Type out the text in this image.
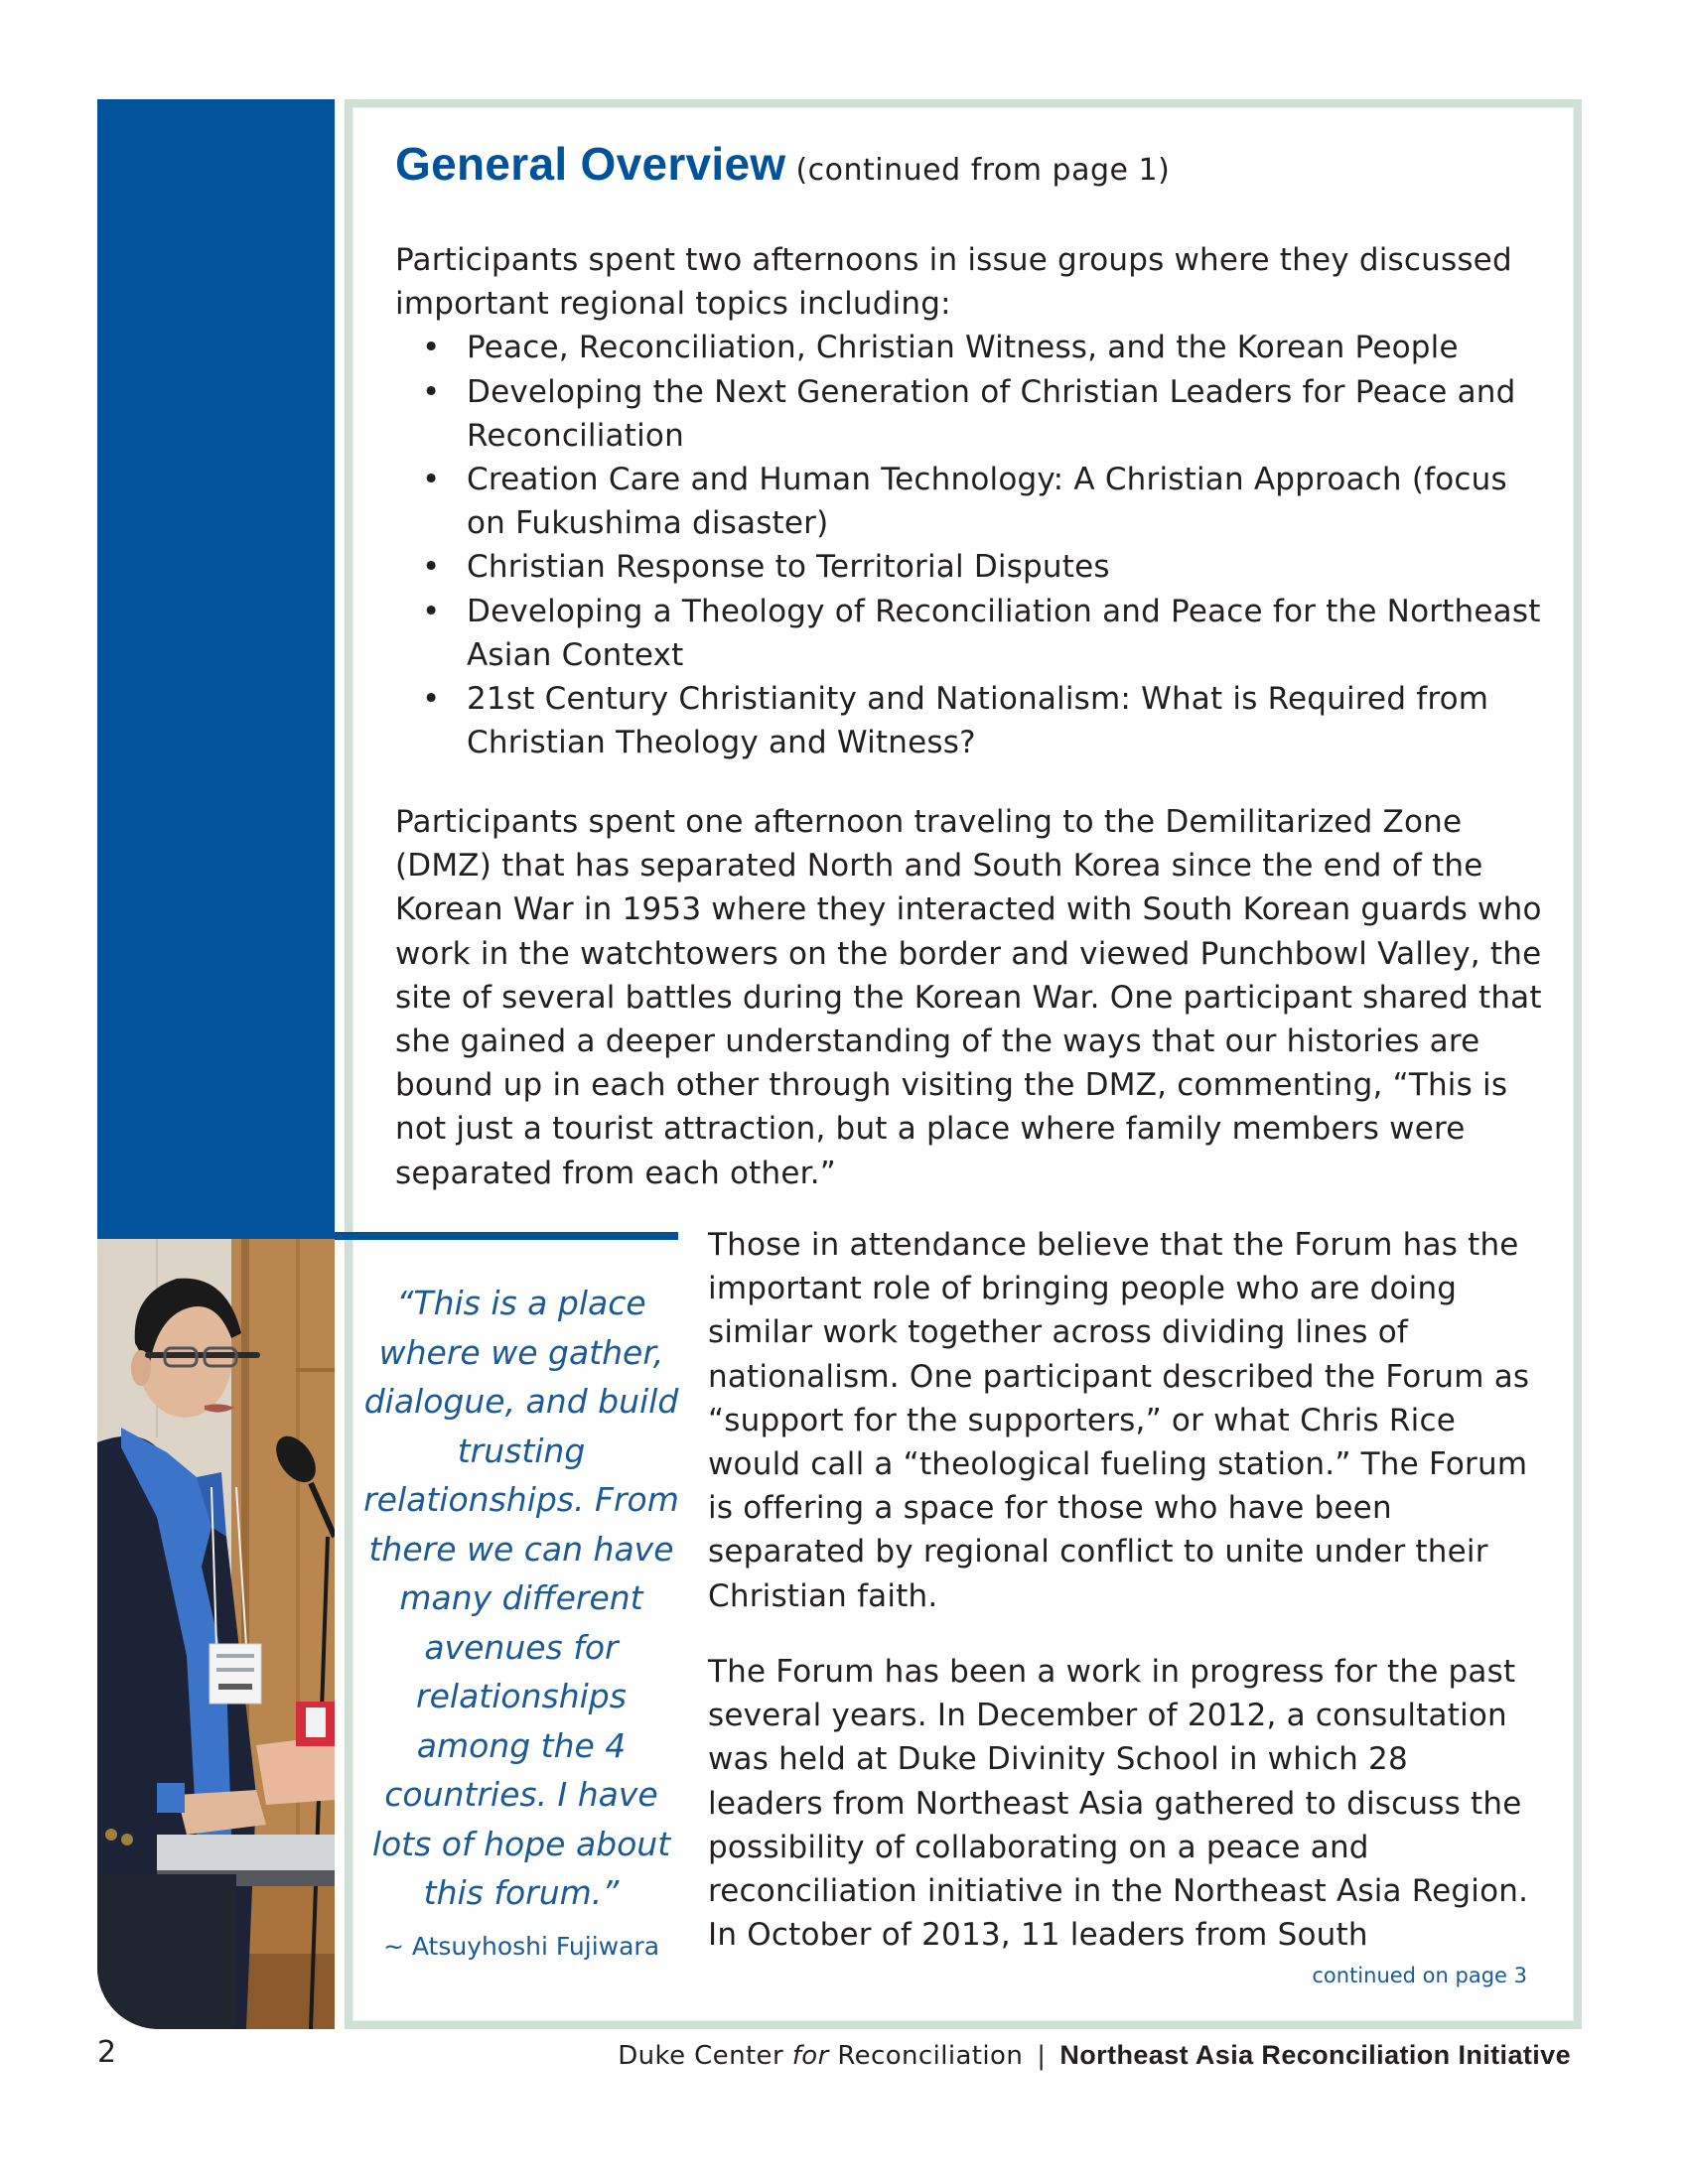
General Overview (continued from page 1)
Participants spent two afternoons in issue groups where they discussed important regional topics including:
• Peace, Reconciliation, Christian Witness, and the Korean People
• Developing the Next Generation of Christian Leaders for Peace and Reconciliation
• Creation Care and Human Technology: A Christian Approach (focus on Fukushima disaster)
• Christian Response to Territorial Disputes
• Developing a Theology of Reconciliation and Peace for the Northeast Asian Context
• 21st Century Christianity and Nationalism: What is Required from Christian Theology and Witness?
Participants spent one afternoon traveling to the Demilitarized Zone (DMZ) that has separated North and South Korea since the end of the Korean War in 1953 where they interacted with South Korean guards who work in the watchtowers on the border and viewed Punchbowl Valley, the site of several battles during the Korean War. One participant shared that she gained a deeper understanding of the ways that our histories are bound up in each other through visiting the DMZ, commenting, “This is not just a tourist attraction, but a place where family members were separated from each other.”
“This is a place where we gather, dialogue, and build trusting relationships. From there we can have many different avenues for relationships among the 4 countries. I have lots of hope about this forum.”
~ Atsuyhoshi Fujiwara
Those in attendance believe that the Forum has the important role of bringing people who are doing similar work together across dividing lines of nationalism. One participant described the Forum as “support for the supporters,” or what Chris Rice would call a “theological fueling station.” The Forum is offering a space for those who have been separated by regional conflict to unite under their Christian faith.
The Forum has been a work in progress for the past several years. In December of 2012, a consultation was held at Duke Divinity School in which 28 leaders from Northeast Asia gathered to discuss the possibility of collaborating on a peace and reconciliation initiative in the Northeast Asia Region. In October of 2013, 11 leaders from South
continued on page 3
2	Duke Center for Reconciliation | Northeast Asia Reconciliation Initiative
